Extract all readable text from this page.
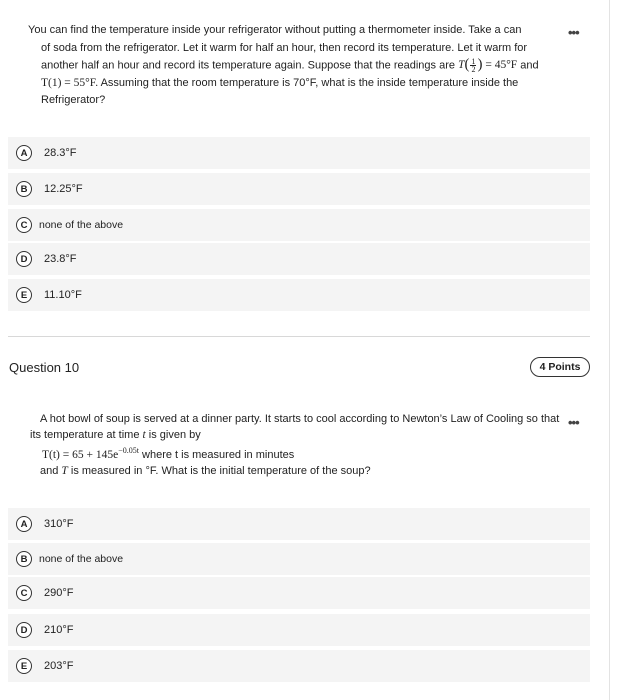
You can find the temperature inside your refrigerator without putting a thermometer inside. Take a can
of soda from the refrigerator. Let it warm for half an hour, then record its temperature. Let it warm for
another half an hour and record its temperature again. Suppose that the readings are $T( \frac{1}{2}$ ) = 45°F and
T(1) = 55°F. Assuming that the room temperature is 70°F, what is the inside temperature inside the
Refrigerator?
•••
A	28.3°F
B	12.25°F
C	none of the above
D	23.8°F
E	11.10°F
Question 10	4 Points
A hot bowl of soup is served at a dinner party. It starts to cool according to Newton’s Law of Cooling so that
its temperature at time t is given by
$T(t) = 65 + 145e^{-0.05t}$ where t is measured in minutes
and T is measured in °F. What is the initial temperature of the soup?
•••
A	310°F
B	none of the above
C	290°F
D	210°F
E	203°F
